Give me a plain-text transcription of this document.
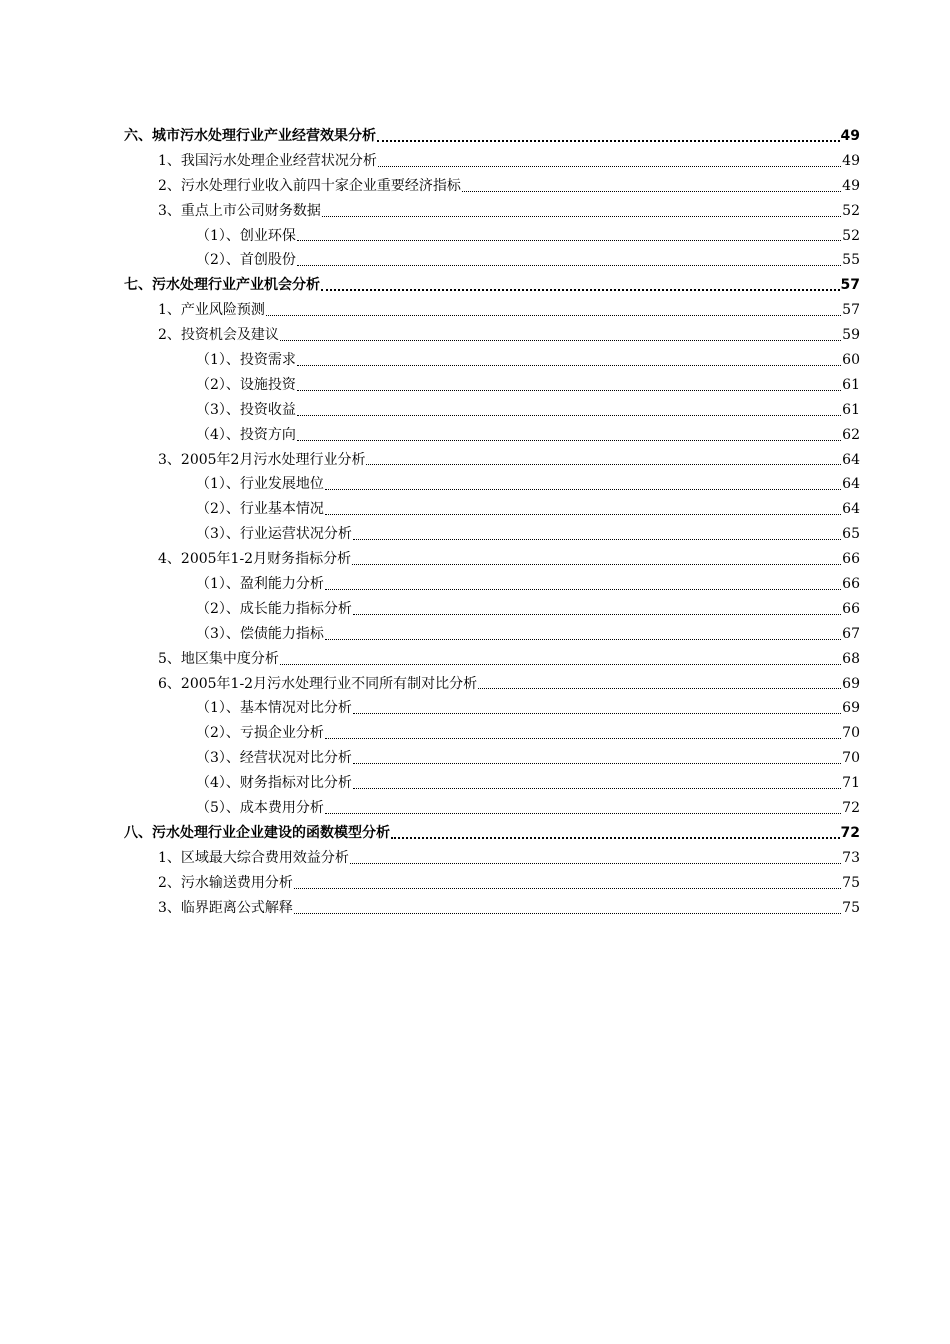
六、城市污水处理行业产业经营效果分析	49
1、我国污水处理企业经营状况分析	49
2、污水处理行业收入前四十家企业重要经济指标	49
3、重点上市公司财务数据	52
（1）、创业环保	52
（2）、首创股份	55
七、污水处理行业产业机会分析	57
1、产业风险预测	57
2、投资机会及建议	59
（1）、投资需求	60
（2）、设施投资	61
（3）、投资收益	61
（4）、投资方向	62
3、2005年2月污水处理行业分析	64
（1）、行业发展地位	64
（2）、行业基本情况	64
（3）、行业运营状况分析	65
4、2005年1-2月财务指标分析	66
（1）、盈利能力分析	66
（2）、成长能力指标分析	66
（3）、偿债能力指标	67
5、地区集中度分析	68
6、2005年1-2月污水处理行业不同所有制对比分析	69
（1）、基本情况对比分析	69
（2）、亏损企业分析	70
（3）、经营状况对比分析	70
（4）、财务指标对比分析	71
（5）、成本费用分析	72
八、污水处理行业企业建设的函数模型分析	72
1、区域最大综合费用效益分析	73
2、污水输送费用分析	75
3、临界距离公式解释	75
